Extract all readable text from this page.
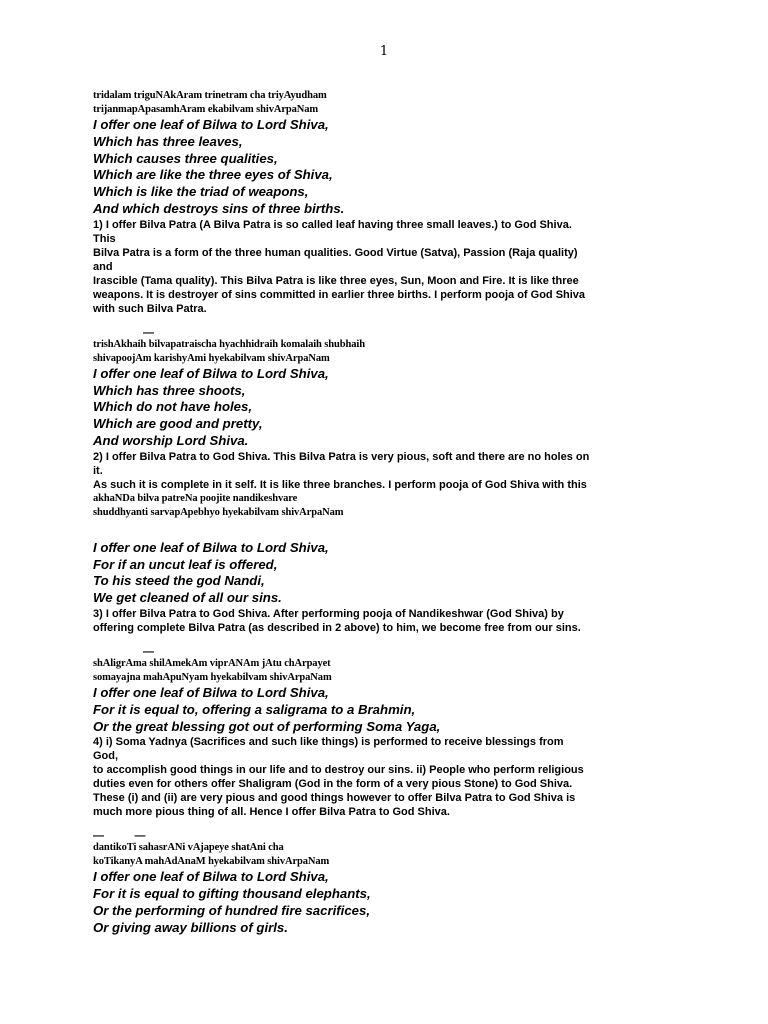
1
tridalam triguNAkAram trinetram cha triyAyudham
trijanmapApasamhAram ekabilvam shivArpaNam
I offer one leaf of Bilwa to Lord Shiva,
Which has three leaves,
Which causes three qualities,
Which are like the three eyes of Shiva,
Which is like the triad of weapons,
And which destroys sins of three births.
1) I offer Bilva Patra (A Bilva Patra is so called leaf having three small leaves.) to God Shiva.
This
Bilva Patra is a form of the three human qualities. Good Virtue (Satva), Passion (Raja quality)
and
Irascible (Tama quality). This Bilva Patra is like three eyes, Sun, Moon and Fire. It is like three
weapons. It is destroyer of sins committed in earlier three births. I perform pooja of God Shiva
with such Bilva Patra.
—
trishAkhaih bilvapatraischa hyachhidraih komalaih shubhaih
shivapoojAm karishyAmi hyekabilvam shivArpaNam
I offer one leaf of Bilwa to Lord Shiva,
Which has three shoots,
Which do not have holes,
Which are good and pretty,
And worship Lord Shiva.
2) I offer Bilva Patra to God Shiva. This Bilva Patra is very pious, soft and there are no holes on
it.
As such it is complete in it self. It is like three branches. I perform pooja of God Shiva with this
akhaNDa bilva patreNa poojite nandikeshvare
shuddhyanti sarvapApebhyo hyekabilvam shivArpaNam
I offer one leaf of Bilwa to Lord Shiva,
For if an uncut leaf is offered,
To his steed the god Nandi,
We get cleaned of all our sins.
3) I offer Bilva Patra to God Shiva. After performing pooja of Nandikeshwar (God Shiva) by
offering complete Bilva Patra (as described in 2 above) to him, we become free from our sins.
—
shAligrAma shilAmekAm viprANAm jAtu chArpayet
somayajna mahApuNyam hyekabilvam shivArpaNam
I offer one leaf of Bilwa to Lord Shiva,
For it is equal to, offering a saligrama to a Brahmin,
Or the great blessing got out of performing Soma Yaga,
4) i) Soma Yadnya (Sacrifices and such like things) is performed to receive blessings from
God,
to accomplish good things in our life and to destroy our sins. ii) People who perform religious
duties even for others offer Shaligram (God in the form of a very pious Stone) to God Shiva.
These (i) and (ii) are very pious and good things however to offer Bilva Patra to God Shiva is
much more pious thing of all. Hence I offer Bilva Patra to God Shiva.
—          —
dantikoTi sahasrANi vAjapeye shatAni cha
koTikanyA mahAdAnaM hyekabilvam shivArpaNam
I offer one leaf of Bilwa to Lord Shiva,
For it is equal to gifting thousand elephants,
Or the performing of hundred fire sacrifices,
Or giving away billions of girls.
